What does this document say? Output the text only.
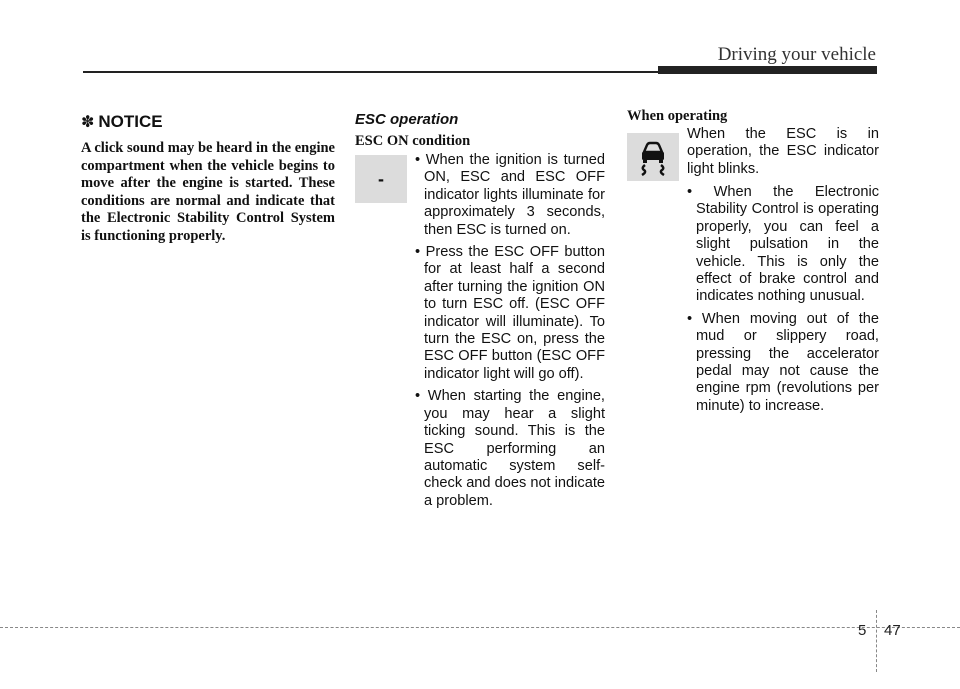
Driving your vehicle
✽ NOTICE

A click sound may be heard in the engine compartment when the vehicle begins to move after the engine is started. These conditions are normal and indicate that the Electronic Stability Control System is functioning properly.

ESC operation
ESC ON condition
-
• When the ignition is turned ON, ESC and ESC OFF indicator lights illuminate for approximately 3 seconds, then ESC is turned on.
• Press the ESC OFF button for at least half a second after turning the ignition ON to turn ESC off. (ESC OFF indicator will illuminate). To turn the ESC on, press the ESC OFF button (ESC OFF indicator light will go off).
• When starting the engine, you may hear a slight ticking sound. This is the ESC performing an automatic system self-check and does not indicate a problem.
When operating

When the ESC is in operation, the ESC indicator light blinks.

• When the Electronic Stability Control is operating properly, you can feel a slight pulsation in the vehicle. This is only the effect of brake control and indicates nothing unusual.
• When moving out of the mud or slippery road, pressing the accelerator pedal may not cause the engine rpm (revolutions per minute) to increase.
5 47
